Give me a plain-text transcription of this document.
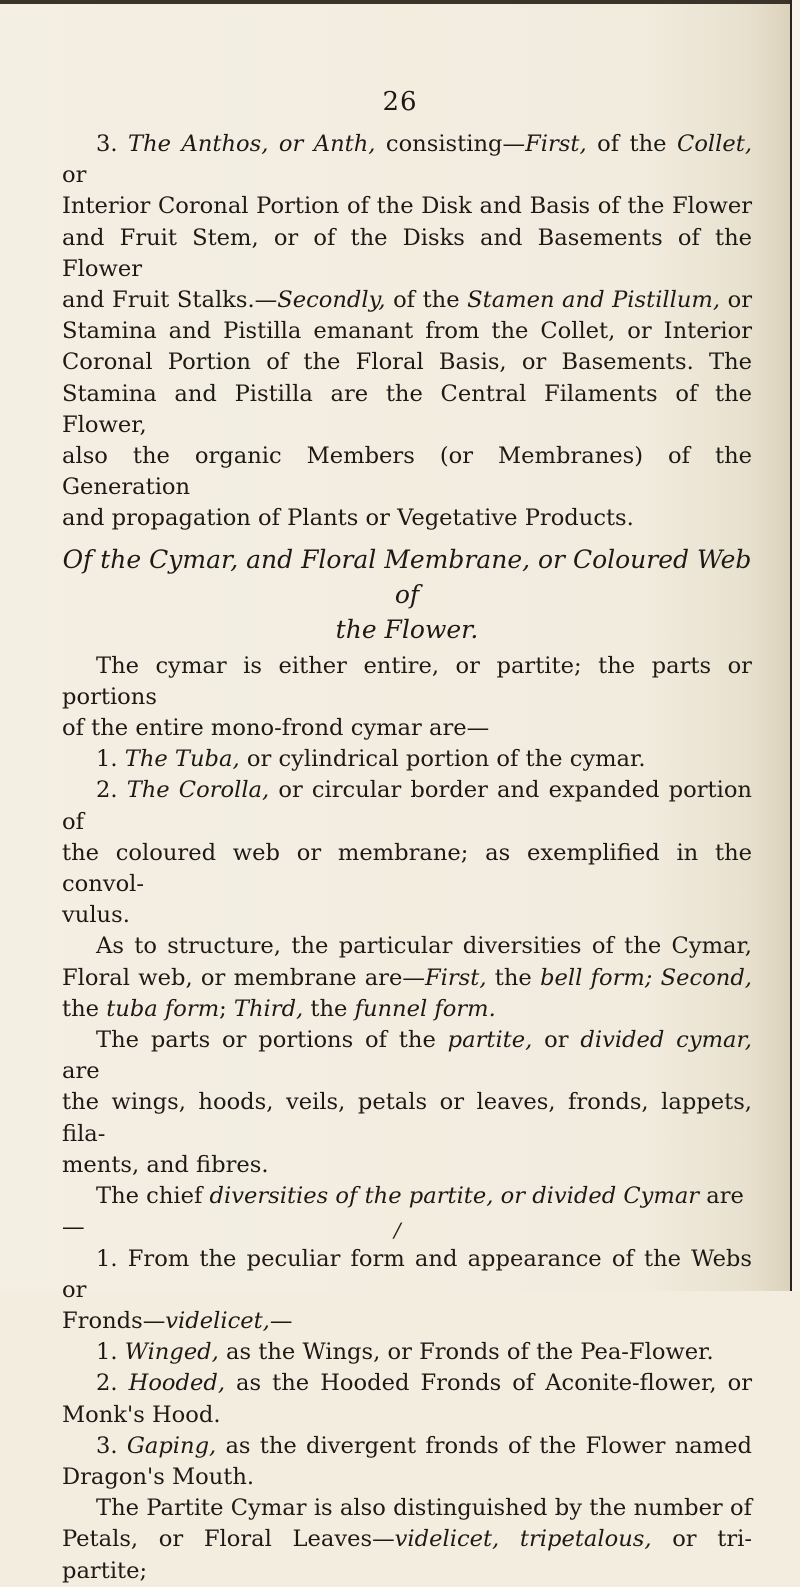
26

3. The Anthos, or Anth, consisting—First, of the Collet, or

Interior Coronal Portion of the Disk and Basis of the Flower

and Fruit Stem, or of the Disks and Basements of the Flower

and Fruit Stalks.—Secondly, of the Stamen and Pistillum, or

Stamina and Pistilla emanant from the Collet, or Interior

Coronal Portion of the Floral Basis, or Basements. The

Stamina and Pistilla are the Central Filaments of the Flower,

also the organic Members (or Membranes) of the Generation

and propagation of Plants or Vegetative Products.

Of the Cymar, and Floral Membrane, or Coloured Web of
the Flower.

The cymar is either entire, or partite; the parts or portions

of the entire mono-frond cymar are—

1. The Tuba, or cylindrical portion of the cymar.

2. The Corolla, or circular border and expanded portion of

the coloured web or membrane; as exemplified in the convol-

vulus.

As to structure, the particular diversities of the Cymar,

Floral web, or membrane are—First, the bell form; Second,

the tuba form; Third, the funnel form.

The parts or portions of the partite, or divided cymar, are

the wings, hoods, veils, petals or leaves, fronds, lappets, fila-

ments, and fibres.

The chief diversities of the partite, or divided Cymar are—

1. From the peculiar form and appearance of the Webs or

Fronds—videlicet,—

1. Winged, as the Wings, or Fronds of the Pea-Flower.

2. Hooded, as the Hooded Fronds of Aconite-flower, or

Monk's Hood.

3. Gaping, as the divergent fronds of the Flower named

Dragon's Mouth.

The Partite Cymar is also distinguished by the number of

Petals, or Floral Leaves—videlicet, tripetalous, or tri-partite;

/
